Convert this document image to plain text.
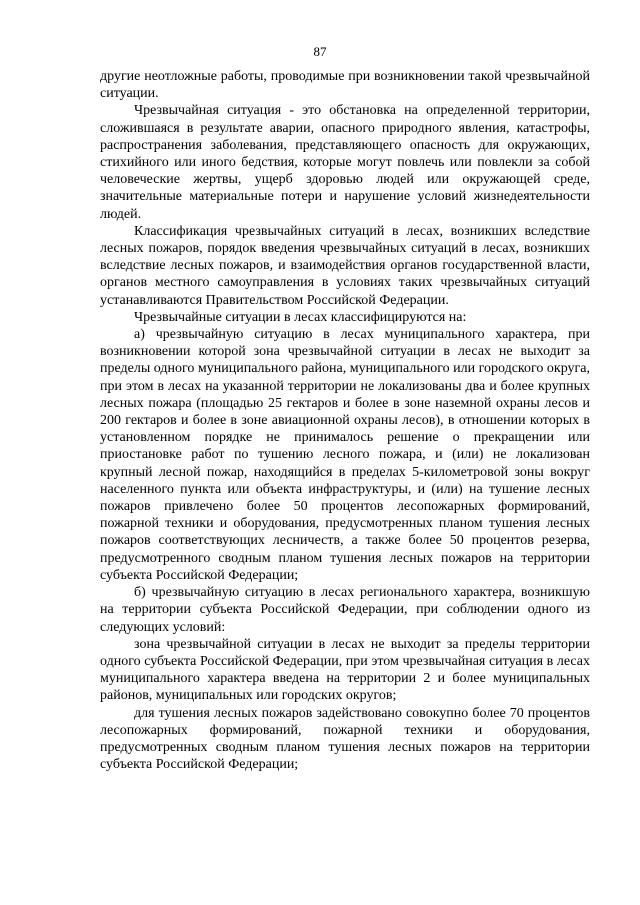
87

другие неотложные работы, проводимые при возникновении такой чрезвычайной ситуации.

Чрезвычайная ситуация - это обстановка на определенной территории, сложившаяся в результате аварии, опасного природного явления, катастрофы, распространения заболевания, представляющего опасность для окружающих, стихийного или иного бедствия, которые могут повлечь или повлекли за собой человеческие жертвы, ущерб здоровью людей или окружающей среде, значительные материальные потери и нарушение условий жизнедеятельности людей.

Классификация чрезвычайных ситуаций в лесах, возникших вследствие лесных пожаров, порядок введения чрезвычайных ситуаций в лесах, возникших вследствие лесных пожаров, и взаимодействия органов государственной власти, органов местного самоуправления в условиях таких чрезвычайных ситуаций устанавливаются Правительством Российской Федерации.

Чрезвычайные ситуации в лесах классифицируются на:

а) чрезвычайную ситуацию в лесах муниципального характера, при возникновении которой зона чрезвычайной ситуации в лесах не выходит за пределы одного муниципального района, муниципального или городского округа, при этом в лесах на указанной территории не локализованы два и более крупных лесных пожара (площадью 25 гектаров и более в зоне наземной охраны лесов и 200 гектаров и более в зоне авиационной охраны лесов), в отношении которых в установленном порядке не принималось решение о прекращении или приостановке работ по тушению лесного пожара, и (или) не локализован крупный лесной пожар, находящийся в пределах 5-километровой зоны вокруг населенного пункта или объекта инфраструктуры, и (или) на тушение лесных пожаров привлечено более 50 процентов лесопожарных формирований, пожарной техники и оборудования, предусмотренных планом тушения лесных пожаров соответствующих лесничеств, а также более 50 процентов резерва, предусмотренного сводным планом тушения лесных пожаров на территории субъекта Российской Федерации;

б) чрезвычайную ситуацию в лесах регионального характера, возникшую на территории субъекта Российской Федерации, при соблюдении одного из следующих условий:

зона чрезвычайной ситуации в лесах не выходит за пределы территории одного субъекта Российской Федерации, при этом чрезвычайная ситуация в лесах муниципального характера введена на территории 2 и более муниципальных районов, муниципальных или городских округов;

для тушения лесных пожаров задействовано совокупно более 70 процентов лесопожарных формирований, пожарной техники и оборудования, предусмотренных сводным планом тушения лесных пожаров на территории субъекта Российской Федерации;
